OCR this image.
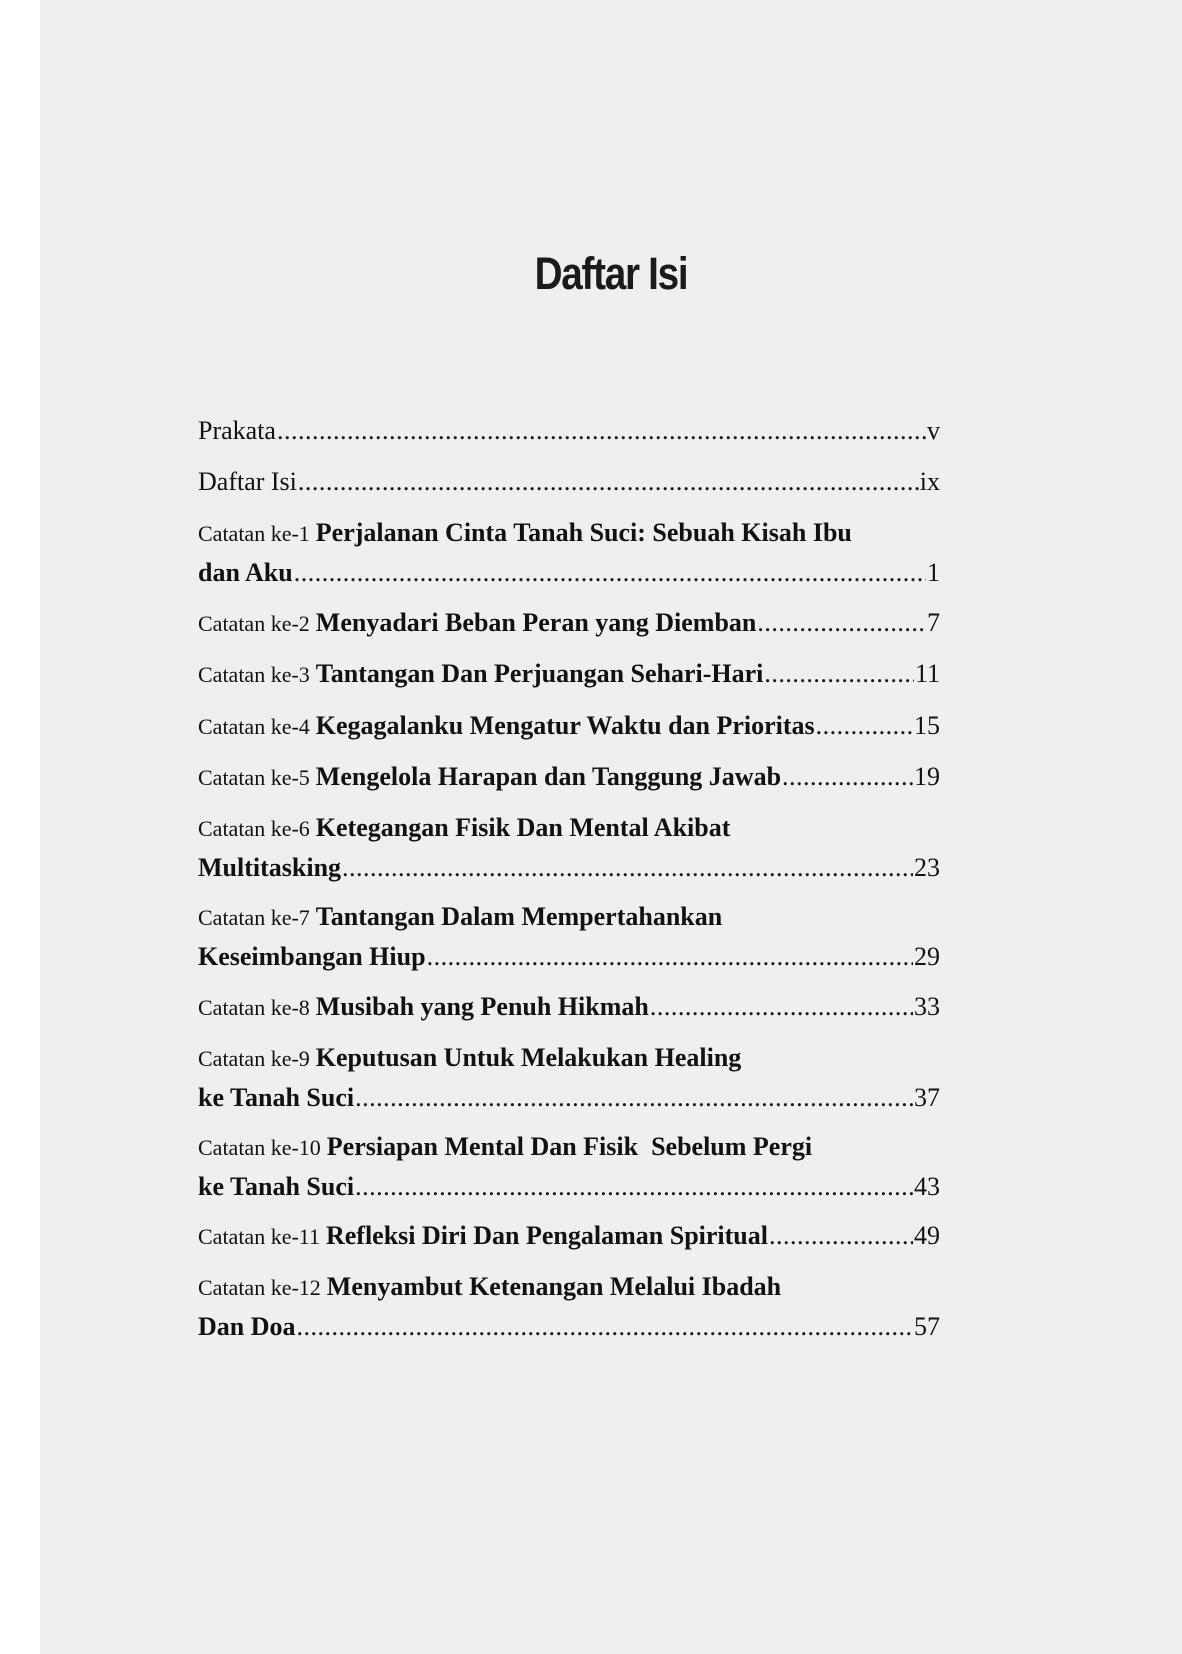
Daftar Isi
Prakata .....	v
Daftar Isi .....	ix
Catatan ke-1 Perjalanan Cinta Tanah Suci: Sebuah Kisah Ibu
dan Aku .....	1
Catatan ke-2 Menyadari Beban Peran yang Diemban .....	7
Catatan ke-3 Tantangan Dan Perjuangan Sehari-Hari .....	11
Catatan ke-4 Kegagalanku Mengatur Waktu dan Prioritas .....	15
Catatan ke-5 Mengelola Harapan dan Tanggung Jawab .....	19
Catatan ke-6 Ketegangan Fisik Dan Mental Akibat
Multitasking .....	23
Catatan ke-7 Tantangan Dalam Mempertahankan
Keseimbangan Hiup .....	29
Catatan ke-8 Musibah yang Penuh Hikmah .....	33
Catatan ke-9 Keputusan Untuk Melakukan Healing
ke Tanah Suci .....	37
Catatan ke-10 Persiapan Mental Dan Fisik  Sebelum Pergi
ke Tanah Suci .....	43
Catatan ke-11 Refleksi Diri Dan Pengalaman Spiritual .....	49
Catatan ke-12 Menyambut Ketenangan Melalui Ibadah
Dan Doa .....	57
